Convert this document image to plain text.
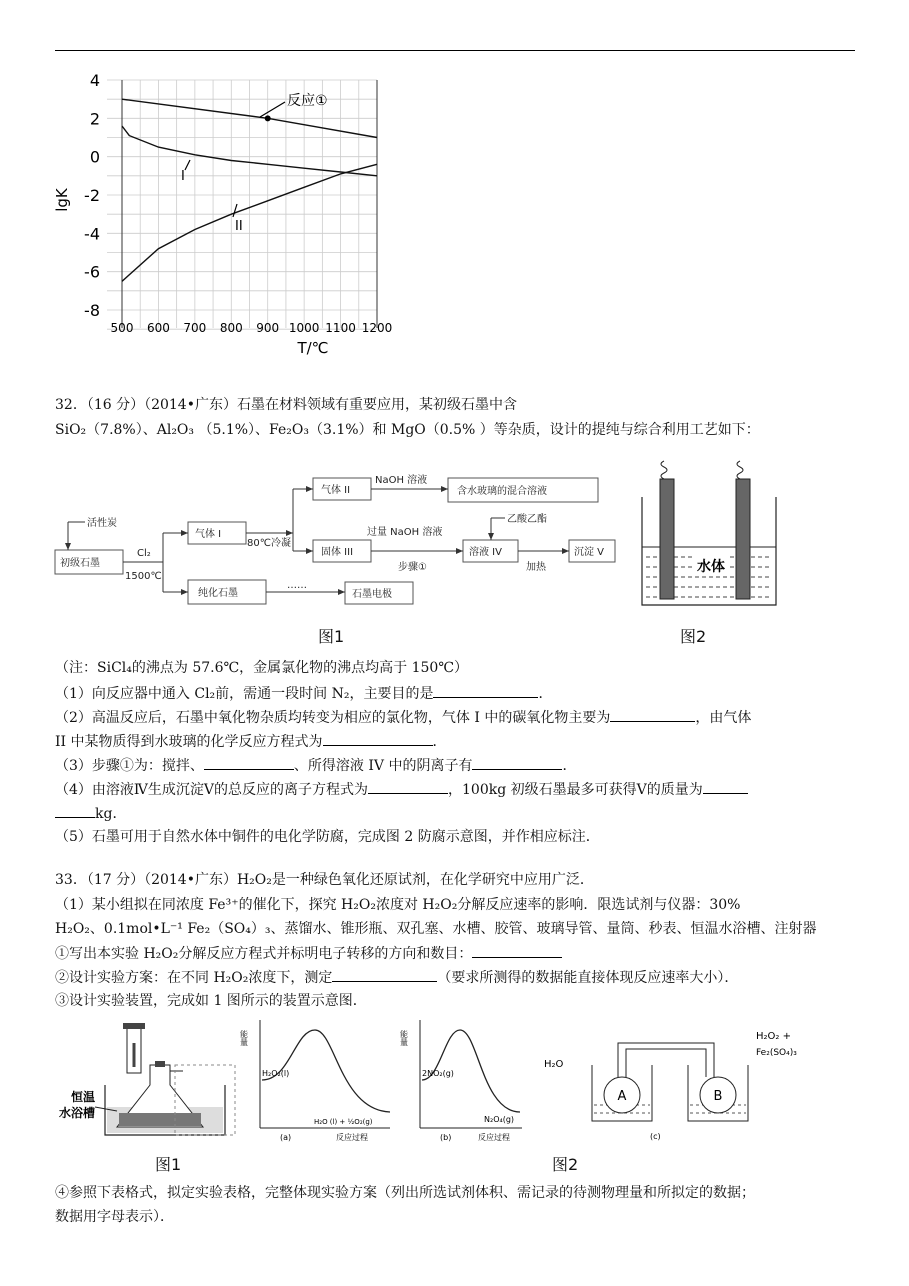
4
2
0
-2
-4
-6
-8
500 600 700 800 900 1000 1100 1200
lgK
T/℃
反应①
I
II
32．（16 分）（2014•广东）石墨在材料领域有重要应用，某初级石墨中含
SiO₂（7.8%）、Al₂O₃ （5.1%）、Fe₂O₃（3.1%）和 MgO（0.5% ）等杂质，设计的提纯与综合利用工艺如下：
活性炭
初级石墨
Cl₂
1500℃
气体 I
80℃冷凝
气体 II
NaOH 溶液
含水玻璃的混合溶液
过量 NaOH 溶液
固体 III
步骤①
乙酸乙酯
溶液 IV
加热
沉淀 V
纯化石墨
……
石墨电极
图1
水体
图2
（注：SiCl₄的沸点为 57.6℃，金属氯化物的沸点均高于 150℃）
（1）向反应器中通入 Cl₂前，需通一段时间 N₂，主要目的是	．
（2）高温反应后，石墨中氧化物杂质均转变为相应的氯化物，气体 I 中的碳氧化物主要为	，由气体
II 中某物质得到水玻璃的化学反应方程式为	．
（3）步骤①为：搅拌、	、所得溶液 IV 中的阴离子有	．
（4）由溶液Ⅳ生成沉淀Ⅴ的总反应的离子方程式为	，100kg 初级石墨最多可获得Ⅴ的质量为
kg．
（5）石墨可用于自然水体中铜件的电化学防腐，完成图 2 防腐示意图，并作相应标注．
33．（17 分）（2014•广东）H₂O₂是一种绿色氧化还原试剂，在化学研究中应用广泛．
（1）某小组拟在同浓度 Fe³⁺的催化下，探究 H₂O₂浓度对 H₂O₂分解反应速率的影响．限选试剂与仪器：30%
H₂O₂、0.1mol•L⁻¹ Fe₂（SO₄）₃、蒸馏水、锥形瓶、双孔塞、水槽、胶管、玻璃导管、量筒、秒表、恒温水浴槽、注射器
①写出本实验 H₂O₂分解反应方程式并标明电子转移的方向和数目：
②设计实验方案：在不同 H₂O₂浓度下，测定	（要求所测得的数据能直接体现反应速率大小）．
③设计实验装置，完成如 1 图所示的装置示意图．
恒温
水浴槽
图1
能量
H₂O₂(l)
H₂O (l) + ½O₂(g)
反应过程
(a)
能量
2NO₂(g)
N₂O₄(g)
反应过程
(b)
H₂O
H₂O₂ +
Fe₂(SO₄)₃
A	B
(c)
图2
④参照下表格式，拟定实验表格，完整体现实验方案（列出所选试剂体积、需记录的待测物理量和所拟定的数据；
数据用字母表示）．
